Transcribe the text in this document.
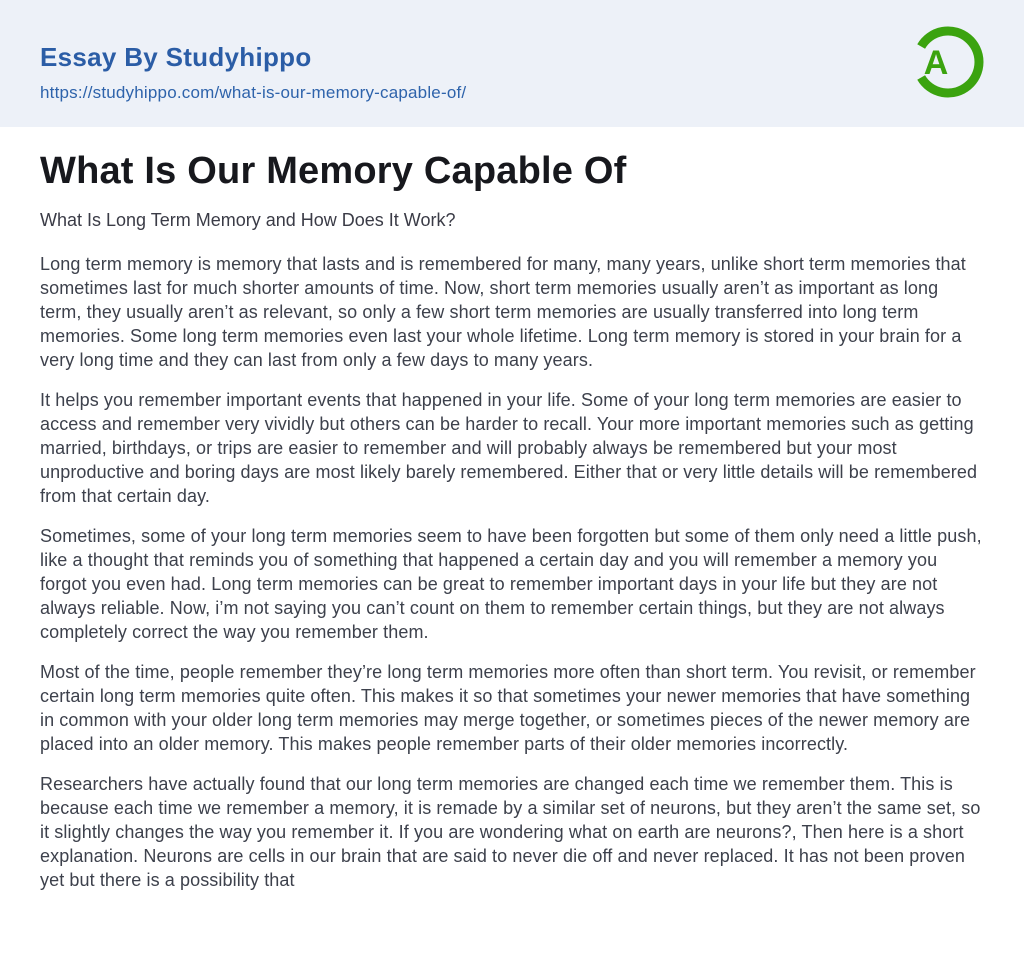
Essay By Studyhippo
https://studyhippo.com/what-is-our-memory-capable-of/
A
What Is Our Memory Capable Of
What Is Long Term Memory and How Does It Work?

Long term memory is memory that lasts and is remembered for many, many years, unlike short term memories that sometimes last for much shorter amounts of time. Now, short term memories usually aren’t as important as long term, they usually aren’t as relevant, so only a few short term memories are usually transferred into long term memories. Some long term memories even last your whole lifetime. Long term memory is stored in your brain for a very long time and they can last from only a few days to many years.

It helps you remember important events that happened in your life. Some of your long term memories are easier to access and remember very vividly but others can be harder to recall. Your more important memories such as getting married, birthdays, or trips are easier to remember and will probably always be remembered but your most unproductive and boring days are most likely barely remembered. Either that or very little details will be remembered from that certain day.

Sometimes, some of your long term memories seem to have been forgotten but some of them only need a little push, like a thought that reminds you of something that happened a certain day and you will remember a memory you forgot you even had. Long term memories can be great to remember important days in your life but they are not always reliable. Now, i’m not saying you can’t count on them to remember certain things, but they are not always completely correct the way you remember them.

Most of the time, people remember they’re long term memories more often than short term. You revisit, or remember certain long term memories quite often. This makes it so that sometimes your newer memories that have something in common with your older long term memories may merge together, or sometimes pieces of the newer memory are placed into an older memory. This makes people remember parts of their older memories incorrectly.

Researchers have actually found that our long term memories are changed each time we remember them. This is because each time we remember a memory, it is remade by a similar set of neurons, but they aren’t the same set, so it slightly changes the way you remember it. If you are wondering what on earth are neurons?, Then here is a short explanation. Neurons are cells in our brain that are said to never die off and never replaced. It has not been proven yet but there is a possibility that
